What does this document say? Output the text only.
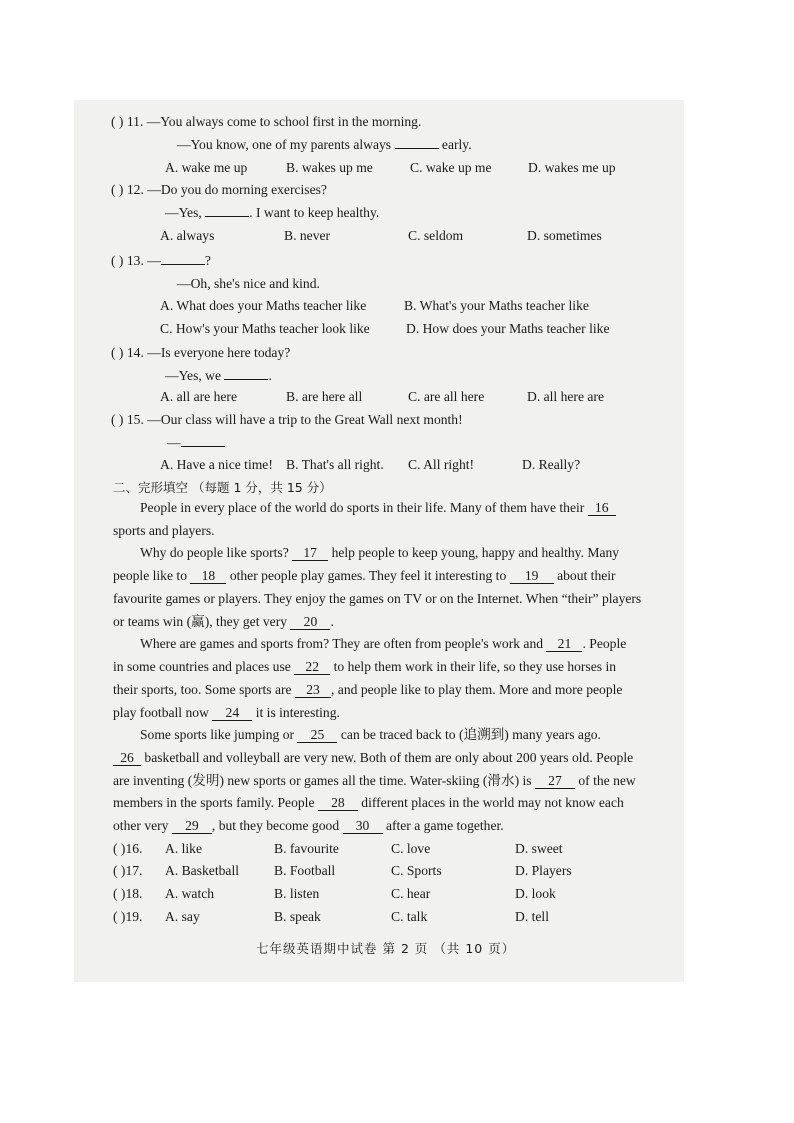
( ) 11. —You always come to school first in the morning.
—You know, one of my parents always	early.
A. wake me up	B. wakes up me	C. wake up me	D. wakes me up
( ) 12. —Do you do morning exercises?
—Yes,	. I want to keep healthy.
A. always	B. never	C. seldom	D. sometimes
( ) 13. —	?
—Oh, she's nice and kind.
A. What does your Maths teacher like	B. What's your Maths teacher like
C. How's your Maths teacher look like	D. How does your Maths teacher like
( ) 14. —Is everyone here today?
—Yes, we	.
A. all are here	B. are here all	C. are all here	D. all here are
( ) 15. —Our class will have a trip to the Great Wall next month!
—
A. Have a nice time! B. That's all right. C. All right!	D. Really?
二、完形填空 （每题 1 分，共 15 分）
People in every place of the world do sports in their life. Many of them have their 16
sports and players.
Why do people like sports? 17 help people to keep young, happy and healthy. Many
people like to 18 other people play games. They feel it interesting to 19 about their
favourite games or players. They enjoy the games on TV or on the Internet. When “their” players
or teams win (赢), they get very 20 .
Where are games and sports from? They are often from people's work and 21 . People
in some countries and places use 22 to help them work in their life, so they use horses in
their sports, too. Some sports are 23 , and people like to play them. More and more people
play football now 24 it is interesting.
Some sports like jumping or 25 can be traced back to (追溯到) many years ago.
26 basketball and volleyball are very new. Both of them are only about 200 years old. People
are inventing (发明) new sports or games all the time. Water-skiing (滑水) is 27 of the new
members in the sports family. People 28 different places in the world may not know each
other very 29 , but they become good 30 after a game together.
( )16. A. like	B. favourite	C. love	D. sweet
( )17. A. Basketball	B. Football	C. Sports	D. Players
( )18. A. watch	B. listen	C. hear	D. look
( )19. A. say	B. speak	C. talk	D. tell
七年级英语期中试卷 第 2 页 （共 10 页）
